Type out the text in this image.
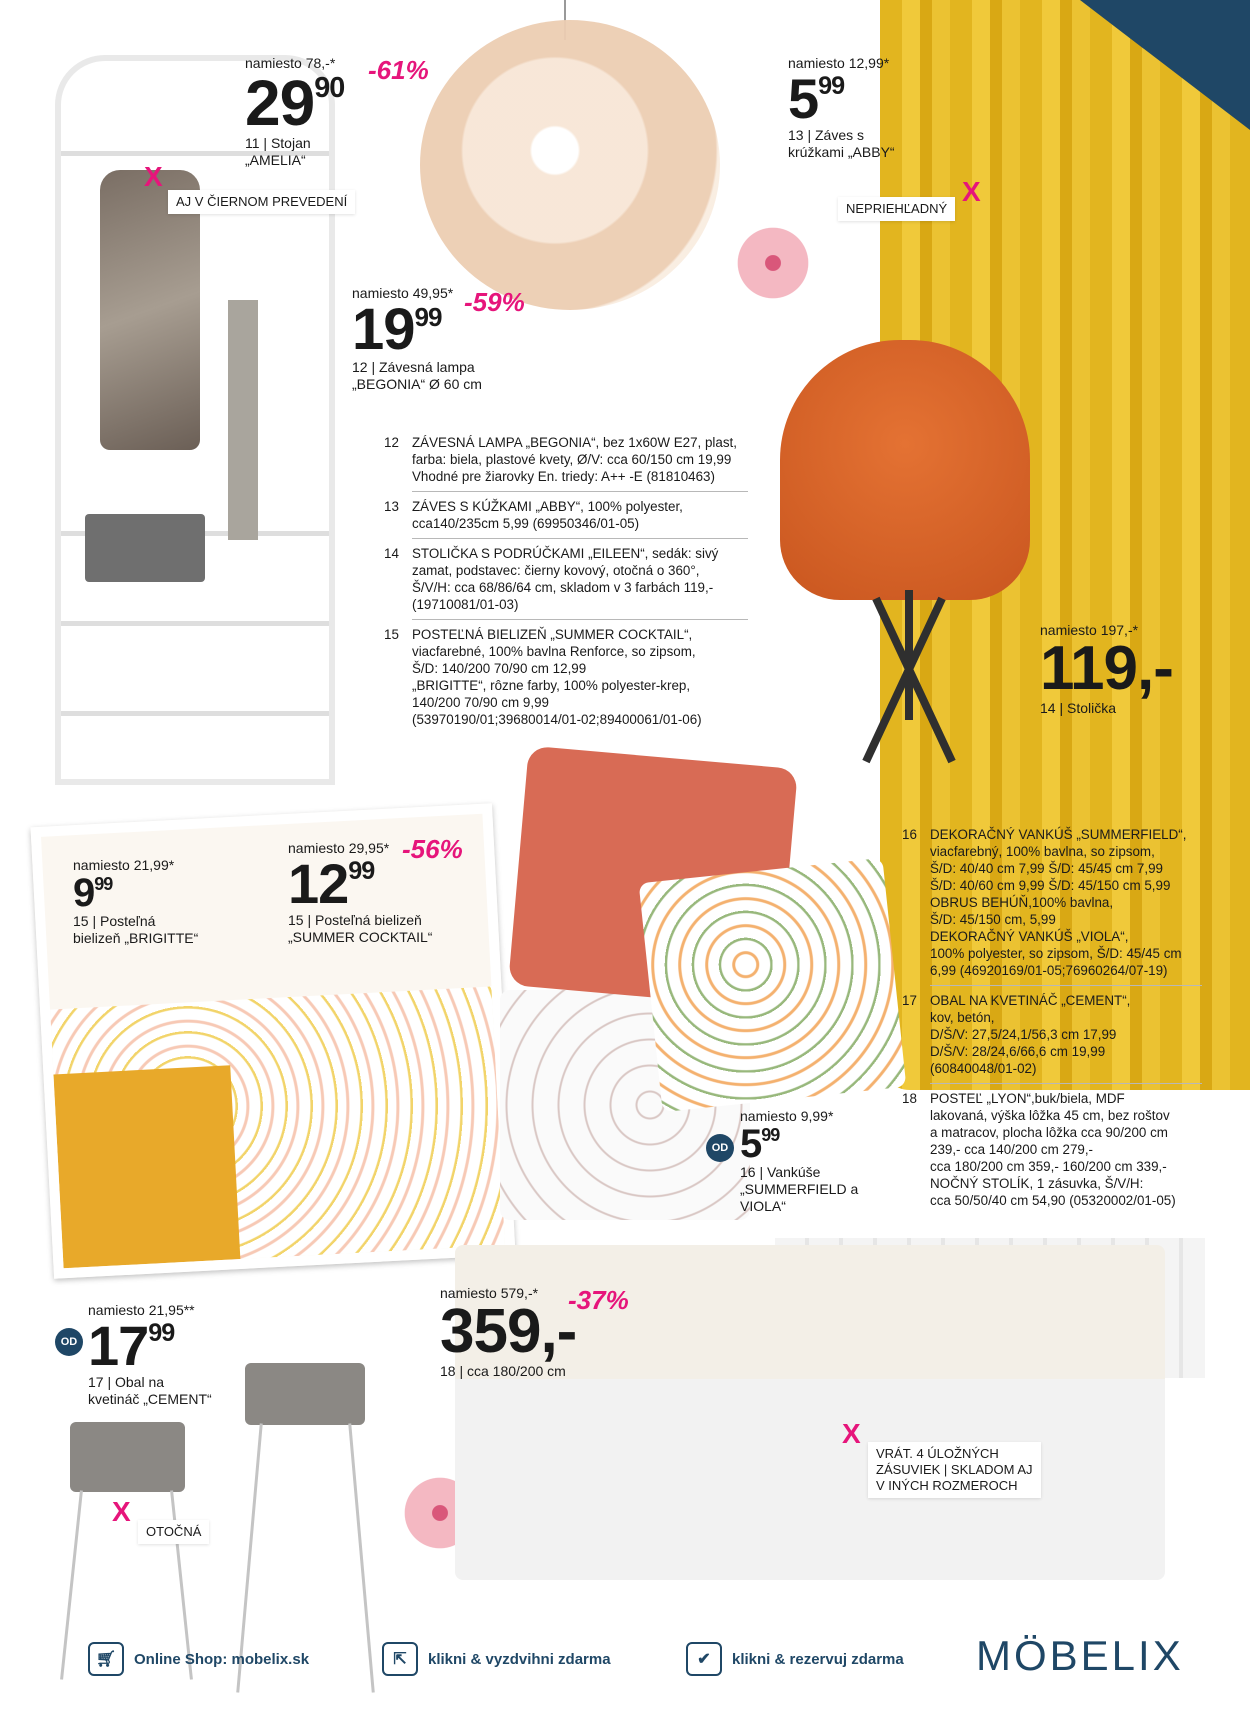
namiesto 78,-*
$29^{90}$
11 | Stojan
„AMELIA“
-61%
X
AJ V ČIERNOM PREVEDENÍ
namiesto 12,99*
$5^{99}$
13 | Záves s
krúžkami „ABBY“
NEPRIEHĽADNÝ
X
namiesto 49,95*
$19^{99}$
12 | Závesná lampa
„BEGONIA“ Ø 60 cm
-59%
12 ZÁVESNÁ LAMPA „BEGONIA“, bez 1x60W E27, plast,
farba: biela, plastové kvety, Ø/V: cca 60/150 cm 19,99
Vhodné pre žiarovky En. triedy: A++ -E (81810463)
13 ZÁVES S KÚŽKAMI „ABBY“, 100% polyester,
cca140/235cm 5,99 (69950346/01-05)
14 STOLIČKA S PODRÚČKAMI „EILEEN“, sedák: sivý
zamat, podstavec: čierny kovový, otočná o 360°,
Š/V/H: cca 68/86/64 cm, skladom v 3 farbách 119,-
(19710081/01-03)
15 POSTEĽNÁ BIELIZEŇ „SUMMER COCKTAIL“,
viacfarebné, 100% bavlna Renforce, so zipsom,
Š/D: 140/200 70/90 cm 12,99
„BRIGITTE“, rôzne farby, 100% polyester-krep,
140/200 70/90 cm 9,99
(53970190/01;39680014/01-02;89400061/01-06)
namiesto 197,-*
119,-
14 | Stolička
16 DEKORAČNÝ VANKÚŠ „SUMMERFIELD“,
viacfarebný, 100% bavlna, so zipsom,
Š/D: 40/40 cm 7,99 Š/D: 45/45 cm 7,99
Š/D: 40/60 cm 9,99 Š/D: 45/150 cm 5,99
OBRUS BEHÚŇ,100% bavlna,
Š/D: 45/150 cm, 5,99
DEKORAČNÝ VANKÚŠ „VIOLA“,
100% polyester, so zipsom, Š/D: 45/45 cm
6,99 (46920169/01-05;76960264/07-19)
17 OBAL NA KVETINÁČ „CEMENT“,
kov, betón,
D/Š/V: 27,5/24,1/56,3 cm 17,99
D/Š/V: 28/24,6/66,6 cm 19,99
(60840048/01-02)
18 POSTEĽ „LYON“,buk/biela, MDF
lakovaná, výška lôžka 45 cm, bez roštov
a matracov, plocha lôžka cca 90/200 cm
239,- cca 140/200 cm 279,-
cca 180/200 cm 359,- 160/200 cm 339,-
NOČNÝ STOLÍK, 1 zásuvka, Š/V/H:
cca 50/50/40 cm 54,90 (05320002/01-05)
namiesto 21,99*
$9^{99}$
15 | Posteľná
bielizeň „BRIGITTE“
namiesto 29,95*
$12^{99}$
15 | Posteľná bielizeň
„SUMMER COCKTAIL“
-56%
OD
namiesto 9,99*
$5^{99}$
16 | Vankúše
„SUMMERFIELD a
VIOLA“
OD
namiesto 21,95**
$17^{99}$
17 | Obal na
kvetináč „CEMENT“
X
OTOČNÁ
namiesto 579,-*
359,-
18 | cca 180/200 cm
-37%
X
VRÁT. 4 ÚLOŽNÝCH
ZÁSUVIEK | SKLADOM AJ
V INÝCH ROZMEROCH
🛒︎	Online Shop: mobelix.sk	⇱	klikni & vyzdvihni zdarma	✔	klikni & rezervuj zdarma MÖBELIX
